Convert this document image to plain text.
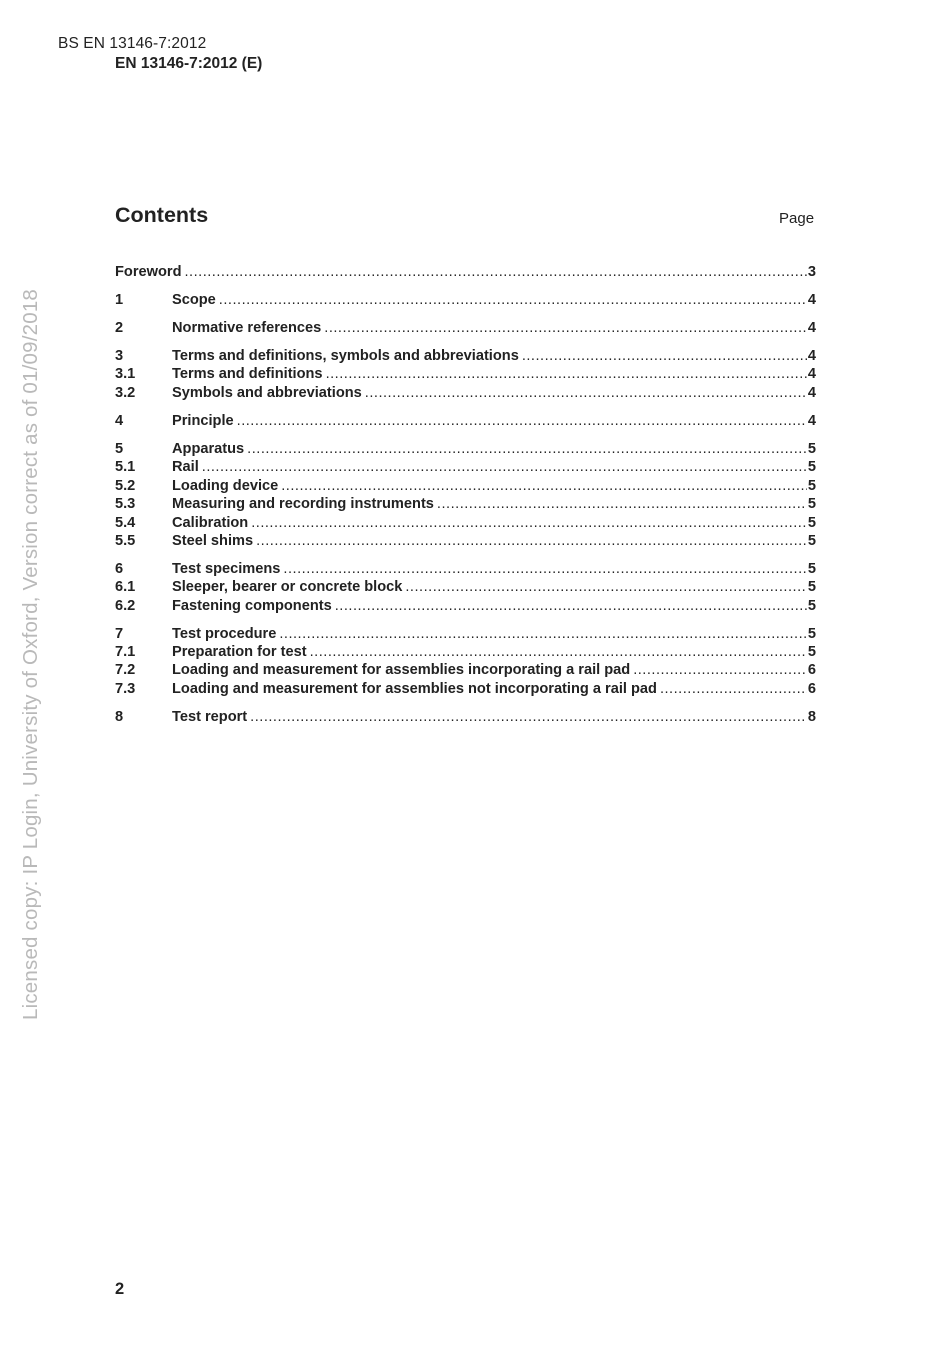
BS EN 13146-7:2012
EN 13146-7:2012 (E)
Contents	Page
Foreword .....	3
1	Scope .....	4
2	Normative references .....	4
3	Terms and definitions, symbols and abbreviations .....	4
3.1	Terms and definitions .....	4
3.2	Symbols and abbreviations .....	4
4	Principle .....	4
5	Apparatus .....	5
5.1	Rail .....	5
5.2	Loading device .....	5
5.3	Measuring and recording instruments .....	5
5.4	Calibration .....	5
5.5	Steel shims .....	5
6	Test specimens .....	5
6.1	Sleeper, bearer or concrete block .....	5
6.2	Fastening components .....	5
7	Test procedure .....	5
7.1	Preparation for test .....	5
7.2	Loading and measurement for assemblies incorporating a rail pad .....	6
7.3	Loading and measurement for assemblies not incorporating a rail pad .....	6
8	Test report .....	8
Licensed copy: IP Login, University of Oxford, Version correct as of 01/09/2018
2
